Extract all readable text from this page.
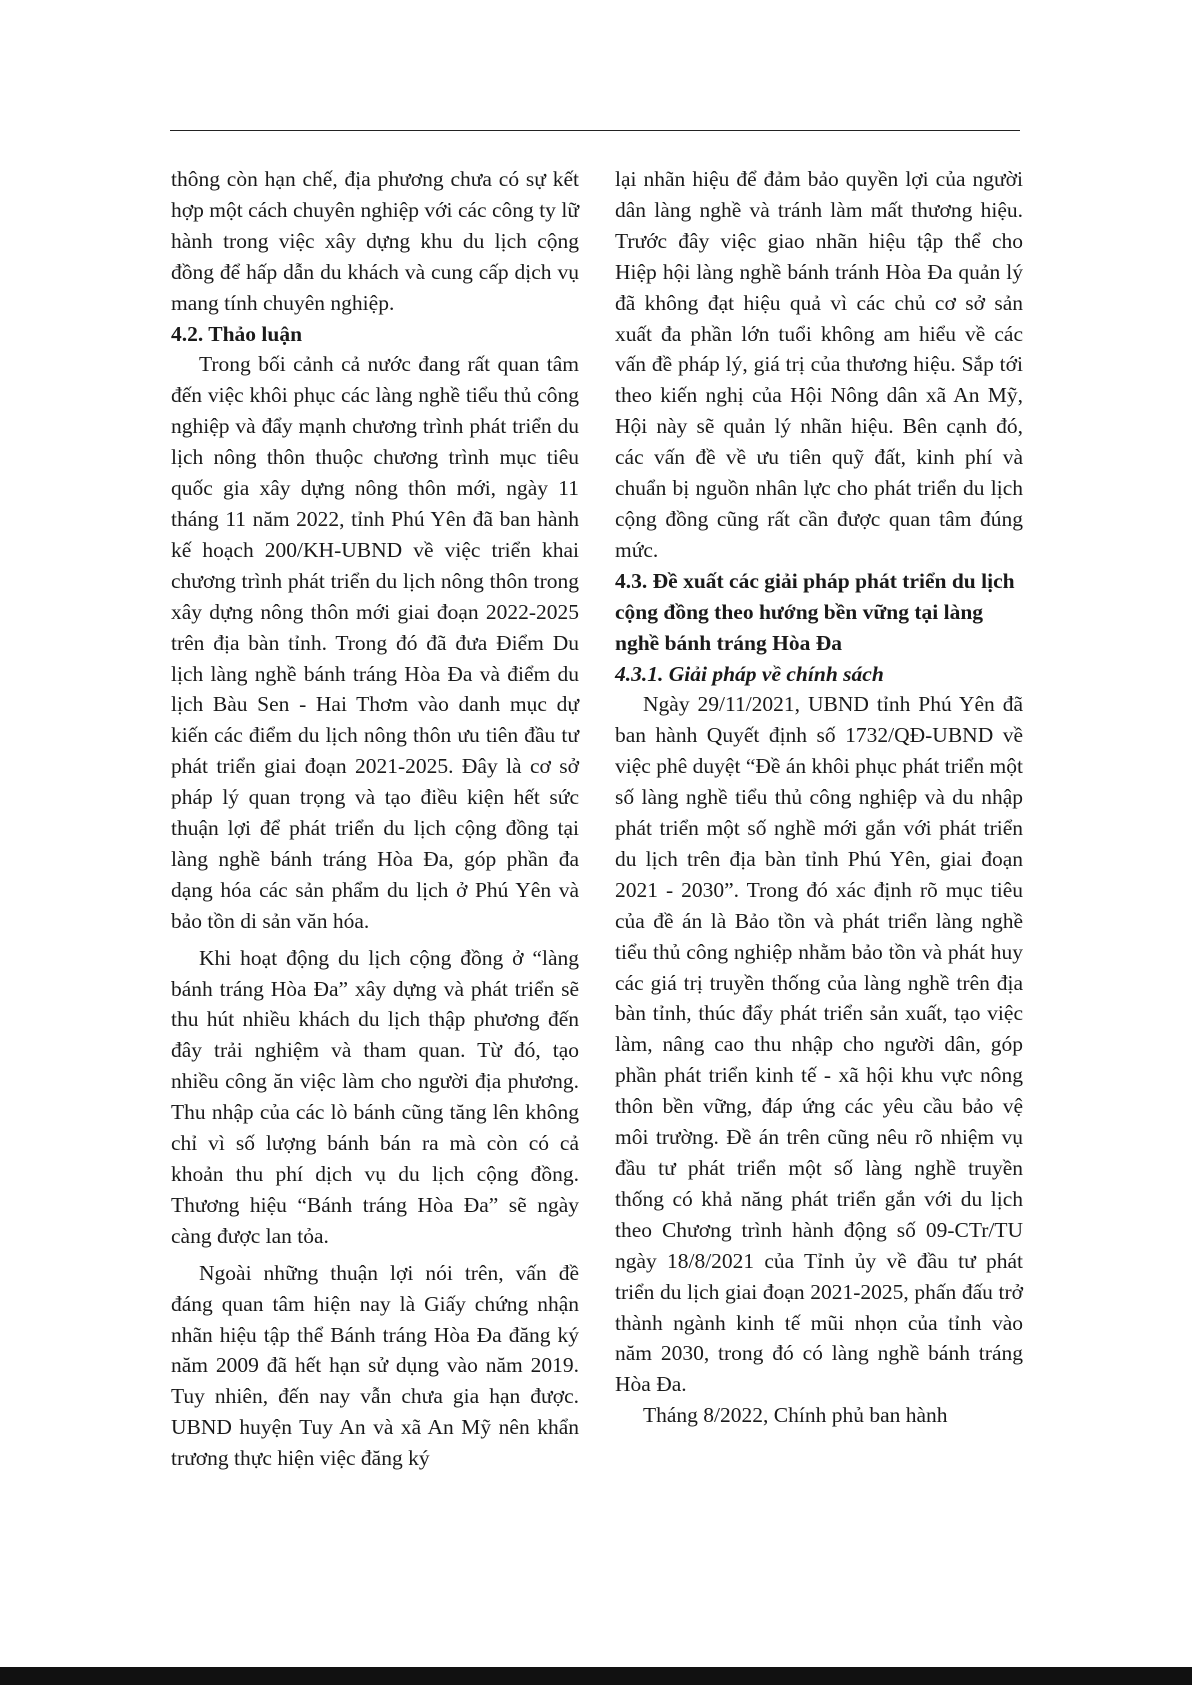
thông còn hạn chế, địa phương chưa có sự kết hợp một cách chuyên nghiệp với các công ty lữ hành trong việc xây dựng khu du lịch cộng đồng để hấp dẫn du khách và cung cấp dịch vụ mang tính chuyên nghiệp.

4.2. Thảo luận

Trong bối cảnh cả nước đang rất quan tâm đến việc khôi phục các làng nghề tiểu thủ công nghiệp và đẩy mạnh chương trình phát triển du lịch nông thôn thuộc chương trình mục tiêu quốc gia xây dựng nông thôn mới, ngày 11 tháng 11 năm 2022, tỉnh Phú Yên đã ban hành kế hoạch 200/KH-UBND về việc triển khai chương trình phát triển du lịch nông thôn trong xây dựng nông thôn mới giai đoạn 2022-2025 trên địa bàn tỉnh. Trong đó đã đưa Điểm Du lịch làng nghề bánh tráng Hòa Đa và điểm du lịch Bàu Sen - Hai Thơm vào danh mục dự kiến các điểm du lịch nông thôn ưu tiên đầu tư phát triển giai đoạn 2021-2025. Đây là cơ sở pháp lý quan trọng và tạo điều kiện hết sức thuận lợi để phát triển du lịch cộng đồng tại làng nghề bánh tráng Hòa Đa, góp phần đa dạng hóa các sản phẩm du lịch ở Phú Yên và bảo tồn di sản văn hóa.

Khi hoạt động du lịch cộng đồng ở “làng bánh tráng Hòa Đa” xây dựng và phát triển sẽ thu hút nhiều khách du lịch thập phương đến đây trải nghiệm và tham quan. Từ đó, tạo nhiều công ăn việc làm cho người địa phương. Thu nhập của các lò bánh cũng tăng lên không chỉ vì số lượng bánh bán ra mà còn có cả khoản thu phí dịch vụ du lịch cộng đồng. Thương hiệu “Bánh tráng Hòa Đa” sẽ ngày càng được lan tỏa.

Ngoài những thuận lợi nói trên, vấn đề đáng quan tâm hiện nay là Giấy chứng nhận nhãn hiệu tập thể Bánh tráng Hòa Đa đăng ký năm 2009 đã hết hạn sử dụng vào năm 2019. Tuy nhiên, đến nay vẫn chưa gia hạn được. UBND huyện Tuy An và xã An Mỹ nên khẩn trương thực hiện việc đăng ký

lại nhãn hiệu để đảm bảo quyền lợi của người dân làng nghề và tránh làm mất thương hiệu. Trước đây việc giao nhãn hiệu tập thể cho Hiệp hội làng nghề bánh tránh Hòa Đa quản lý đã không đạt hiệu quả vì các chủ cơ sở sản xuất đa phần lớn tuổi không am hiểu về các vấn đề pháp lý, giá trị của thương hiệu. Sắp tới theo kiến nghị của Hội Nông dân xã An Mỹ, Hội này sẽ quản lý nhãn hiệu. Bên cạnh đó, các vấn đề về ưu tiên quỹ đất, kinh phí và chuẩn bị nguồn nhân lực cho phát triển du lịch cộng đồng cũng rất cần được quan tâm đúng mức.

4.3. Đề xuất các giải pháp phát triển du lịch cộng đồng theo hướng bền vững tại làng nghề bánh tráng Hòa Đa

4.3.1. Giải pháp về chính sách

Ngày 29/11/2021, UBND tỉnh Phú Yên đã ban hành Quyết định số 1732/QĐ-UBND về việc phê duyệt “Đề án khôi phục phát triển một số làng nghề tiểu thủ công nghiệp và du nhập phát triển một số nghề mới gắn với phát triển du lịch trên địa bàn tỉnh Phú Yên, giai đoạn 2021 - 2030”. Trong đó xác định rõ mục tiêu của đề án là Bảo tồn và phát triển làng nghề tiểu thủ công nghiệp nhằm bảo tồn và phát huy các giá trị truyền thống của làng nghề trên địa bàn tỉnh, thúc đẩy phát triển sản xuất, tạo việc làm, nâng cao thu nhập cho người dân, góp phần phát triển kinh tế - xã hội khu vực nông thôn bền vững, đáp ứng các yêu cầu bảo vệ môi trường. Đề án trên cũng nêu rõ nhiệm vụ đầu tư phát triển một số làng nghề truyền thống có khả năng phát triển gắn với du lịch theo Chương trình hành động số 09-CTr/TU ngày 18/8/2021 của Tỉnh ủy về đầu tư phát triển du lịch giai đoạn 2021-2025, phấn đấu trở thành ngành kinh tế mũi nhọn của tỉnh vào năm 2030, trong đó có làng nghề bánh tráng Hòa Đa.

Tháng 8/2022, Chính phủ ban hành
